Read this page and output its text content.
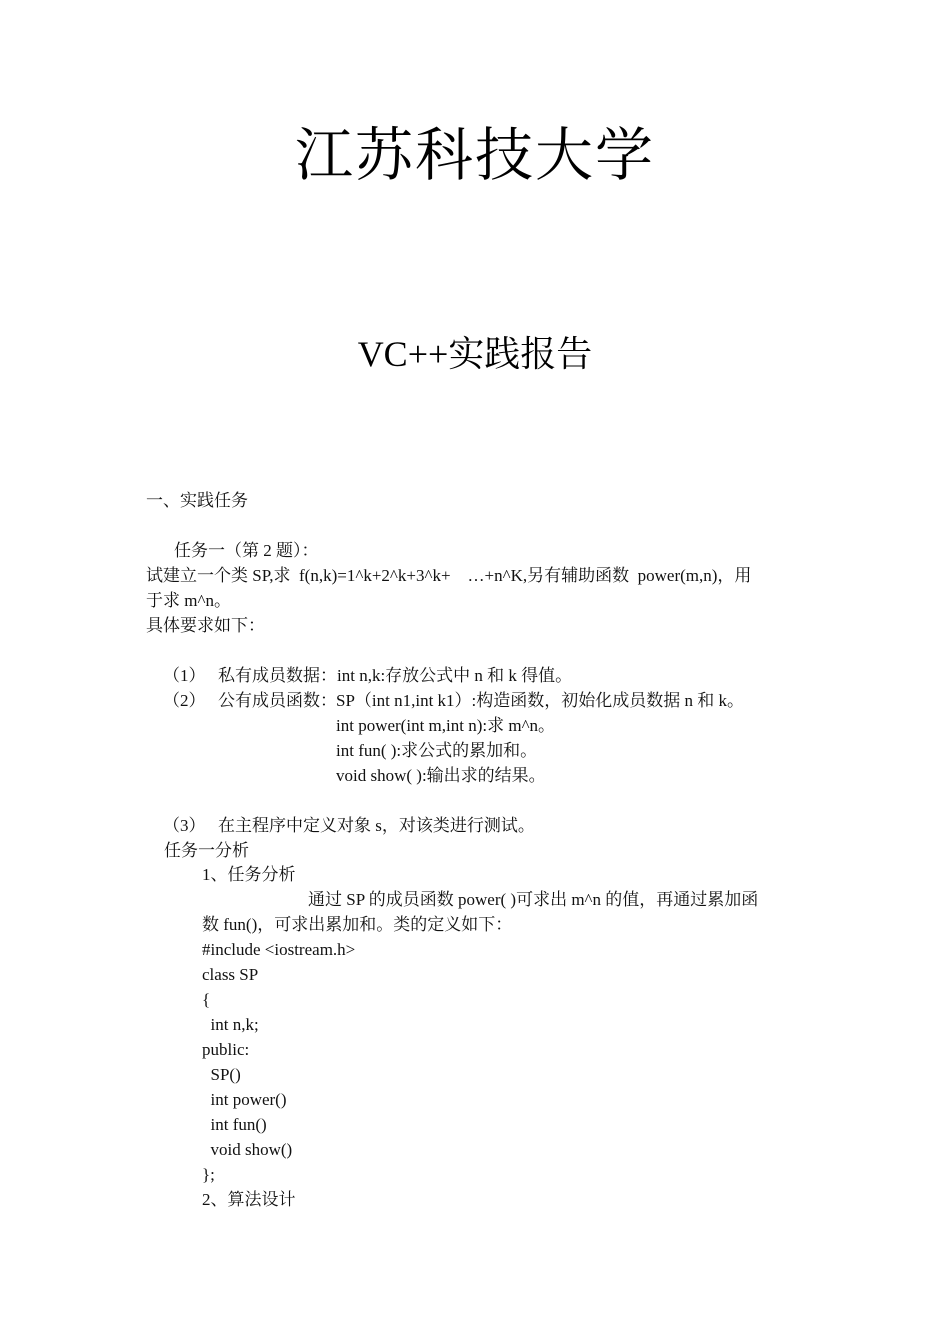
江苏科技大学
VC++实践报告
一、实践任务
任务一（第 2 题）：
试建立一个类 SP,求  f(n,k)=1^k+2^k+3^k+    …+n^K,另有辅助函数  power(m,n)，用
于求 m^n。
具体要求如下：

（1） 私有成员数据：int n,k:存放公式中 n 和 k 得值。

（2） 公有成员函数：
SP（int n1,int k1）:构造函数，初始化成员数据 n 和 k。
int power(int m,int n):求 m^n。
int fun( ):求公式的累加和。
void show( ):输出求的结果。

（3） 在主程序中定义对象 s，对该类进行测试。

任务一分析
1、任务分析
通过 SP 的成员函数 power( )可求出 m^n 的值，再通过累加函
数 fun()，可求出累加和。类的定义如下：
#include <iostream.h>
class SP
{
int n,k;
public:
SP()
int power()
int fun()
void show()
};
2、算法设计
